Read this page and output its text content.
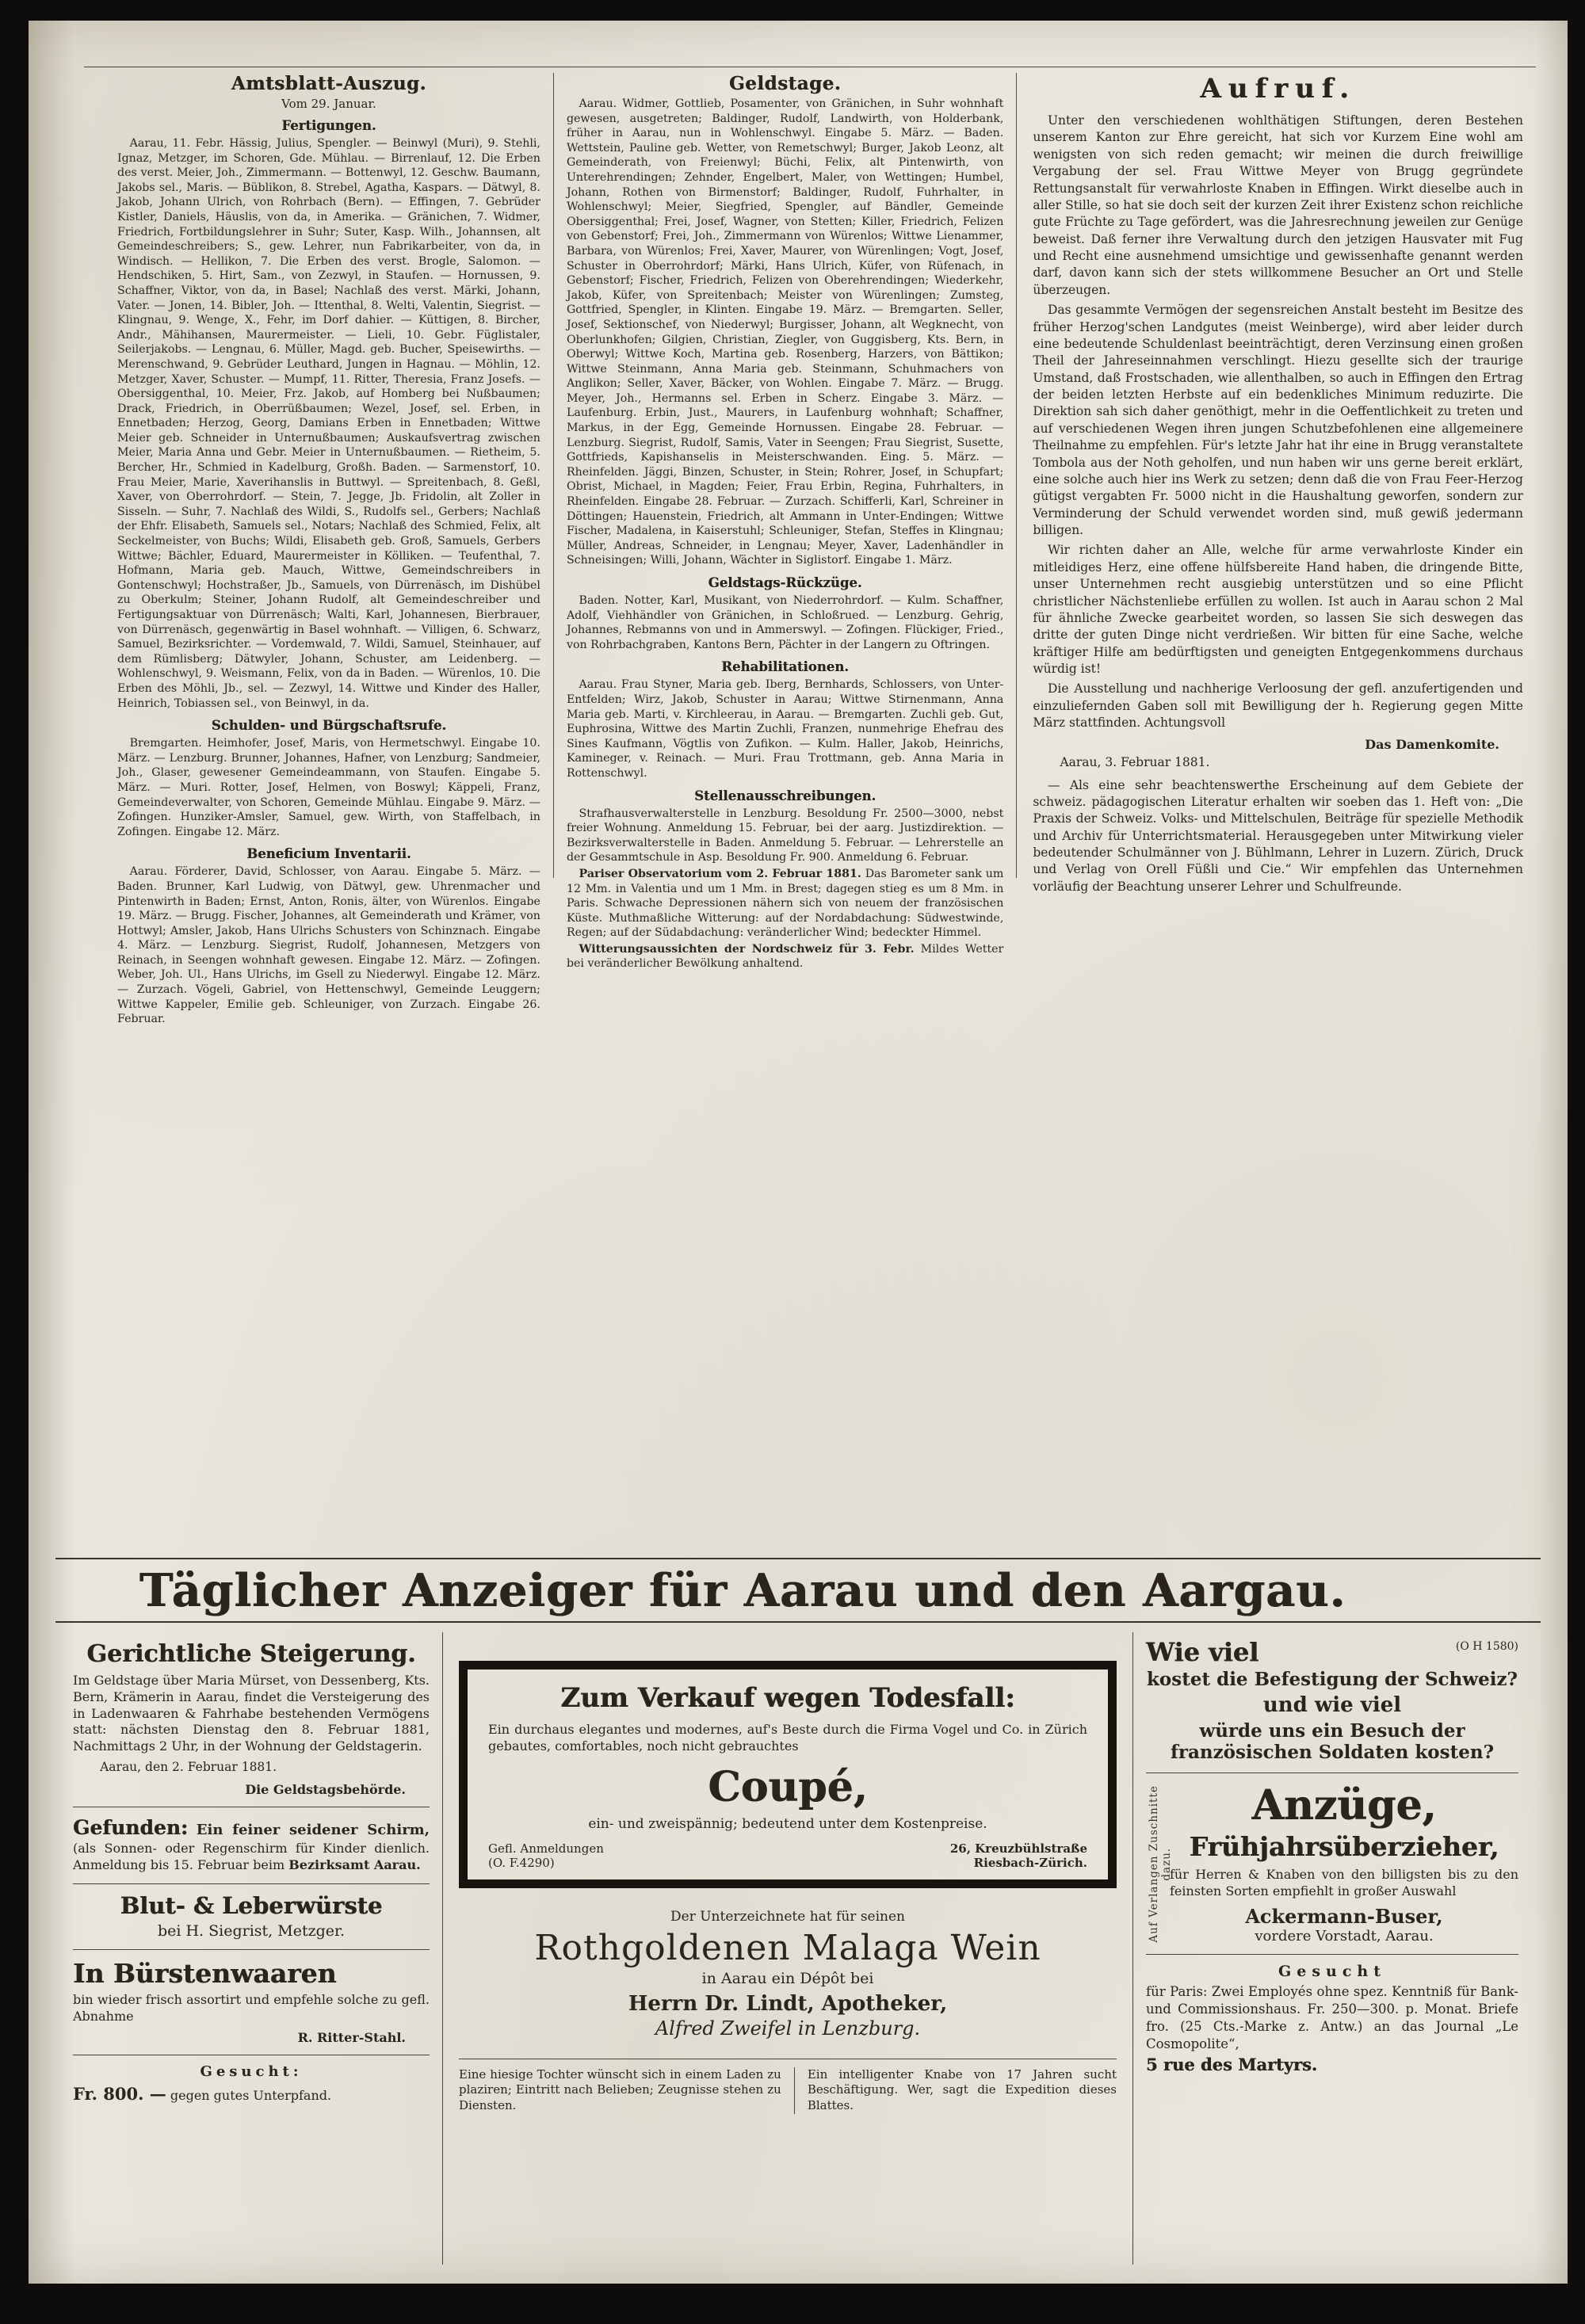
Amtsblatt-Auszug.
Vom 29. Januar.
Fertigungen.

Aarau, 11. Febr. Hässig, Julius, Spengler. — Beinwyl (Muri), 9. Stehli, Ignaz, Metzger, im Schoren, Gde. Mühlau. — Birrenlauf, 12. Die Erben des verst. Meier, Joh., Zimmermann. — Bottenwyl, 12. Geschw. Baumann, Jakobs sel., Maris. — Büblikon, 8. Strebel, Agatha, Kaspars. — Dätwyl, 8. Jakob, Johann Ulrich, von Rohrbach (Bern). — Effingen, 7. Gebrüder Kistler, Daniels, Häuslis, von da, in Amerika. — Gränichen, 7. Widmer, Friedrich, Fortbildungslehrer in Suhr; Suter, Kasp. Wilh., Johannsen, alt Gemeindeschreibers; S., gew. Lehrer, nun Fabrikarbeiter, von da, in Windisch. — Hellikon, 7. Die Erben des verst. Brogle, Salomon. — Hendschiken, 5. Hirt, Sam., von Zezwyl, in Staufen. — Hornussen, 9. Schaffner, Viktor, von da, in Basel; Nachlaß des verst. Märki, Johann, Vater. — Jonen, 14. Bibler, Joh. — Ittenthal, 8. Welti, Valentin, Siegrist. — Klingnau, 9. Wenge, X., Fehr, im Dorf dahier. — Küttigen, 8. Bircher, Andr., Mähihansen, Maurermeister. — Lieli, 10. Gebr. Füglistaler, Seilerjakobs. — Lengnau, 6. Müller, Magd. geb. Bucher, Speisewirths. — Merenschwand, 9. Gebrüder Leuthard, Jungen in Hagnau. — Möhlin, 12. Metzger, Xaver, Schuster. — Mumpf, 11. Ritter, Theresia, Franz Josefs. — Obersiggenthal, 10. Meier, Frz. Jakob, auf Homberg bei Nußbaumen; Drack, Friedrich, in Oberrüßbaumen; Wezel, Josef, sel. Erben, in Ennetbaden; Herzog, Georg, Damians Erben in Ennetbaden; Wittwe Meier geb. Schneider in Unternußbaumen; Auskaufsvertrag zwischen Meier, Maria Anna und Gebr. Meier in Unternußbaumen. — Rietheim, 5. Bercher, Hr., Schmied in Kadelburg, Großh. Baden. — Sarmenstorf, 10. Frau Meier, Marie, Xaverihanslis in Buttwyl. — Spreitenbach, 8. Geßl, Xaver, von Oberrohrdorf. — Stein, 7. Jegge, Jb. Fridolin, alt Zoller in Sisseln. — Suhr, 7. Nachlaß des Wildi, S., Rudolfs sel., Gerbers; Nachlaß der Ehfr. Elisabeth, Samuels sel., Notars; Nachlaß des Schmied, Felix, alt Seckelmeister, von Buchs; Wildi, Elisabeth geb. Groß, Samuels, Gerbers Wittwe; Bächler, Eduard, Maurermeister in Kölliken. — Teufenthal, 7. Hofmann, Maria geb. Mauch, Wittwe, Gemeindschreibers in Gontenschwyl; Hochstraßer, Jb., Samuels, von Dürrenäsch, im Dishübel zu Oberkulm; Steiner, Johann Rudolf, alt Gemeindeschreiber und Fertigungsaktuar von Dürrenäsch; Walti, Karl, Johannesen, Bierbrauer, von Dürrenäsch, gegenwärtig in Basel wohnhaft. — Villigen, 6. Schwarz, Samuel, Bezirksrichter. — Vordemwald, 7. Wildi, Samuel, Steinhauer, auf dem Rümlisberg; Dätwyler, Johann, Schuster, am Leidenberg. — Wohlenschwyl, 9. Weismann, Felix, von da in Baden. — Würenlos, 10. Die Erben des Möhli, Jb., sel. — Zezwyl, 14. Wittwe und Kinder des Haller, Heinrich, Tobiassen sel., von Beinwyl, in da.

Schulden- und Bürgschaftsrufe.

Bremgarten. Heimhofer, Josef, Maris, von Hermetschwyl. Eingabe 10. März. — Lenzburg. Brunner, Johannes, Hafner, von Lenzburg; Sandmeier, Joh., Glaser, gewesener Gemeindeammann, von Staufen. Eingabe 5. März. — Muri. Rotter, Josef, Helmen, von Boswyl; Käppeli, Franz, Gemeindeverwalter, von Schoren, Gemeinde Mühlau. Eingabe 9. März. — Zofingen. Hunziker-Amsler, Samuel, gew. Wirth, von Staffelbach, in Zofingen. Eingabe 12. März.

Beneficium Inventarii.

Aarau. Förderer, David, Schlosser, von Aarau. Eingabe 5. März. — Baden. Brunner, Karl Ludwig, von Dätwyl, gew. Uhrenmacher und Pintenwirth in Baden; Ernst, Anton, Ronis, älter, von Würenlos. Eingabe 19. März. — Brugg. Fischer, Johannes, alt Gemeinderath und Krämer, von Hottwyl; Amsler, Jakob, Hans Ulrichs Schusters von Schinznach. Eingabe 4. März. — Lenzburg. Siegrist, Rudolf, Johannesen, Metzgers von Reinach, in Seengen wohnhaft gewesen. Eingabe 12. März. — Zofingen. Weber, Joh. Ul., Hans Ulrichs, im Gsell zu Niederwyl. Eingabe 12. März. — Zurzach. Vögeli, Gabriel, von Hettenschwyl, Gemeinde Leuggern; Wittwe Kappeler, Emilie geb. Schleuniger, von Zurzach. Eingabe 26. Februar.

Geldstage.

Aarau. Widmer, Gottlieb, Posamenter, von Gränichen, in Suhr wohnhaft gewesen, ausgetreten; Baldinger, Rudolf, Landwirth, von Holderbank, früher in Aarau, nun in Wohlenschwyl. Eingabe 5. März. — Baden. Wettstein, Pauline geb. Wetter, von Remetschwyl; Burger, Jakob Leonz, alt Gemeinderath, von Freienwyl; Büchi, Felix, alt Pintenwirth, von Unterehrendingen; Zehnder, Engelbert, Maler, von Wettingen; Humbel, Johann, Rothen von Birmenstorf; Baldinger, Rudolf, Fuhrhalter, in Wohlenschwyl; Meier, Siegfried, Spengler, auf Bändler, Gemeinde Obersiggenthal; Frei, Josef, Wagner, von Stetten; Killer, Friedrich, Felizen von Gebenstorf; Frei, Joh., Zimmermann von Würenlos; Wittwe Lienammer, Barbara, von Würenlos; Frei, Xaver, Maurer, von Würenlingen; Vogt, Josef, Schuster in Oberrohrdorf; Märki, Hans Ulrich, Küfer, von Rüfenach, in Gebenstorf; Fischer, Friedrich, Felizen von Oberehrendingen; Wiederkehr, Jakob, Küfer, von Spreitenbach; Meister von Würenlingen; Zumsteg, Gottfried, Spengler, in Klinten. Eingabe 19. März. — Bremgarten. Seller, Josef, Sektionschef, von Niederwyl; Burgisser, Johann, alt Wegknecht, von Oberlunkhofen; Gilgien, Christian, Ziegler, von Guggisberg, Kts. Bern, in Oberwyl; Wittwe Koch, Martina geb. Rosenberg, Harzers, von Bättikon; Wittwe Steinmann, Anna Maria geb. Steinmann, Schuhmachers von Anglikon; Seller, Xaver, Bäcker, von Wohlen. Eingabe 7. März. — Brugg. Meyer, Joh., Hermanns sel. Erben in Scherz. Eingabe 3. März. — Laufenburg. Erbin, Just., Maurers, in Laufenburg wohnhaft; Schaffner, Markus, in der Egg, Gemeinde Hornussen. Eingabe 28. Februar. — Lenzburg. Siegrist, Rudolf, Samis, Vater in Seengen; Frau Siegrist, Susette, Gottfrieds, Kapishanselis in Meisterschwanden. Eing. 5. März. — Rheinfelden. Jäggi, Binzen, Schuster, in Stein; Rohrer, Josef, in Schupfart; Obrist, Michael, in Magden; Feier, Frau Erbin, Regina, Fuhrhalters, in Rheinfelden. Eingabe 28. Februar. — Zurzach. Schifferli, Karl, Schreiner in Döttingen; Hauenstein, Friedrich, alt Ammann in Unter-Endingen; Wittwe Fischer, Madalena, in Kaiserstuhl; Schleuniger, Stefan, Steffes in Klingnau; Müller, Andreas, Schneider, in Lengnau; Meyer, Xaver, Ladenhändler in Schneisingen; Willi, Johann, Wächter in Siglistorf. Eingabe 1. März.

Geldstags-Rückzüge.

Baden. Notter, Karl, Musikant, von Niederrohrdorf. — Kulm. Schaffner, Adolf, Viehhändler von Gränichen, in Schloßrued. — Lenzburg. Gehrig, Johannes, Rebmanns von und in Ammerswyl. — Zofingen. Flückiger, Fried., von Rohrbachgraben, Kantons Bern, Pächter in der Langern zu Oftringen.

Rehabilitationen.

Aarau. Frau Styner, Maria geb. Iberg, Bernhards, Schlossers, von Unter-Entfelden; Wirz, Jakob, Schuster in Aarau; Wittwe Stirnenmann, Anna Maria geb. Marti, v. Kirchleerau, in Aarau. — Bremgarten. Zuchli geb. Gut, Euphrosina, Wittwe des Martin Zuchli, Franzen, nunmehrige Ehefrau des Sines Kaufmann, Vögtlis von Zufikon. — Kulm. Haller, Jakob, Heinrichs, Kamineger, v. Reinach. — Muri. Frau Trottmann, geb. Anna Maria in Rottenschwyl.

Stellenausschreibungen.

Strafhausverwalterstelle in Lenzburg. Besoldung Fr. 2500—3000, nebst freier Wohnung. Anmeldung 15. Februar, bei der aarg. Justizdirektion. — Bezirksverwalterstelle in Baden. Anmeldung 5. Februar. — Lehrerstelle an der Gesammtschule in Asp. Besoldung Fr. 900. Anmeldung 6. Februar.

Pariser Observatorium vom 2. Februar 1881. Das Barometer sank um 12 Mm. in Valentia und um 1 Mm. in Brest; dagegen stieg es um 8 Mm. in Paris. Schwache Depressionen nähern sich von neuem der französischen Küste. Muthmaßliche Witterung: auf der Nordabdachung: Südwestwinde, Regen; auf der Südabdachung: veränderlicher Wind; bedeckter Himmel.

Witterungsaussichten der Nordschweiz für 3. Febr. Mildes Wetter bei veränderlicher Bewölkung anhaltend.

Aufruf.

Unter den verschiedenen wohlthätigen Stiftungen, deren Bestehen unserem Kanton zur Ehre gereicht, hat sich vor Kurzem Eine wohl am wenigsten von sich reden gemacht; wir meinen die durch freiwillige Vergabung der sel. Frau Wittwe Meyer von Brugg gegründete Rettungsanstalt für verwahrloste Knaben in Effingen. Wirkt dieselbe auch in aller Stille, so hat sie doch seit der kurzen Zeit ihrer Existenz schon reichliche gute Früchte zu Tage gefördert, was die Jahresrechnung jeweilen zur Genüge beweist. Daß ferner ihre Verwaltung durch den jetzigen Hausvater mit Fug und Recht eine ausnehmend umsichtige und gewissenhafte genannt werden darf, davon kann sich der stets willkommene Besucher an Ort und Stelle überzeugen.

Das gesammte Vermögen der segensreichen Anstalt besteht im Besitze des früher Herzog'schen Landgutes (meist Weinberge), wird aber leider durch eine bedeutende Schuldenlast beeinträchtigt, deren Verzinsung einen großen Theil der Jahreseinnahmen verschlingt. Hiezu gesellte sich der traurige Umstand, daß Frostschaden, wie allenthalben, so auch in Effingen den Ertrag der beiden letzten Herbste auf ein bedenkliches Minimum reduzirte. Die Direktion sah sich daher genöthigt, mehr in die Oeffentlichkeit zu treten und auf verschiedenen Wegen ihren jungen Schutzbefohlenen eine allgemeinere Theilnahme zu empfehlen. Für's letzte Jahr hat ihr eine in Brugg veranstaltete Tombola aus der Noth geholfen, und nun haben wir uns gerne bereit erklärt, eine solche auch hier ins Werk zu setzen; denn daß die von Frau Feer-Herzog gütigst vergabten Fr. 5000 nicht in die Haushaltung geworfen, sondern zur Verminderung der Schuld verwendet worden sind, muß gewiß jedermann billigen.

Wir richten daher an Alle, welche für arme verwahrloste Kinder ein mitleidiges Herz, eine offene hülfsbereite Hand haben, die dringende Bitte, unser Unternehmen recht ausgiebig unterstützen und so eine Pflicht christlicher Nächstenliebe erfüllen zu wollen. Ist auch in Aarau schon 2 Mal für ähnliche Zwecke gearbeitet worden, so lassen Sie sich deswegen das dritte der guten Dinge nicht verdrießen. Wir bitten für eine Sache, welche kräftiger Hilfe am bedürftigsten und geneigten Entgegenkommens durchaus würdig ist!

Die Ausstellung und nachherige Verloosung der gefl. anzufertigenden und einzuliefernden Gaben soll mit Bewilligung der h. Regierung gegen Mitte März stattfinden. Achtungsvoll

Das Damenkomite.
Aarau, 3. Februar 1881.

— Als eine sehr beachtenswerthe Erscheinung auf dem Gebiete der schweiz. pädagogischen Literatur erhalten wir soeben das 1. Heft von: „Die Praxis der Schweiz. Volks- und Mittelschulen, Beiträge für spezielle Methodik und Archiv für Unterrichtsmaterial. Herausgegeben unter Mitwirkung vieler bedeutender Schulmänner von J. Bühlmann, Lehrer in Luzern. Zürich, Druck und Verlag von Orell Füßli und Cie.“ Wir empfehlen das Unternehmen vorläufig der Beachtung unserer Lehrer und Schulfreunde.

Täglicher Anzeiger für Aarau und den Aargau.
Gerichtliche Steigerung.

Im Geldstage über Maria Mürset, von Dessenberg, Kts. Bern, Krämerin in Aarau, findet die Versteigerung des in Ladenwaaren & Fahrhabe bestehenden Vermögens statt: nächsten Dienstag den 8. Februar 1881, Nachmittags 2 Uhr, in der Wohnung der Geldstagerin.

Aarau, den 2. Februar 1881.
Die Geldstagsbehörde.

Gefunden: Ein feiner seidener Schirm, (als Sonnen- oder Regenschirm für Kinder dienlich. Anmeldung bis 15. Februar beim Bezirksamt Aarau.

Blut- & Leberwürste
bei H. Siegrist, Metzger.
In Bürstenwaaren

bin wieder frisch assortirt und empfehle solche zu gefl. Abnahme

R. Ritter-Stahl.
Gesucht:

Fr. 800. — gegen gutes Unterpfand.

Zum Verkauf wegen Todesfall:

Ein durchaus elegantes und modernes, auf's Beste durch die Firma Vogel und Co. in Zürich gebautes, comfortables, noch nicht gebrauchtes

Coupé,
ein- und zweispännig; bedeutend unter dem Kostenpreise.
Gefl. Anmeldungen
(O. F.4290)
26, Kreuzbühlstraße
Riesbach-Zürich.
Der Unterzeichnete hat für seinen
Rothgoldenen Malaga Wein
in Aarau ein Dépôt bei
Herrn Dr. Lindt, Apotheker,
Alfred Zweifel in Lenzburg.

Eine hiesige Tochter wünscht sich in einem Laden zu plaziren; Eintritt nach Belieben; Zeugnisse stehen zu Diensten.

Ein intelligenter Knabe von 17 Jahren sucht Beschäftigung. Wer, sagt die Expedition dieses Blattes.

Wie viel	(O H 1580)
kostet die Befestigung der Schweiz?
und wie viel
würde uns ein Besuch der französischen Soldaten kosten?
Auf Verlangen Zuschnitte dazu.
Anzüge,
Frühjahrsüberzieher,

für Herren & Knaben von den billigsten bis zu den feinsten Sorten empfiehlt in großer Auswahl

Ackermann-Buser,
vordere Vorstadt, Aarau.
Gesucht

für Paris: Zwei Employés ohne spez. Kenntniß für Bank- und Commissionshaus. Fr. 250—300. p. Monat. Briefe fro. (25 Cts.-Marke z. Antw.) an das Journal „Le Cosmopolite“,

5 rue des Martyrs.
